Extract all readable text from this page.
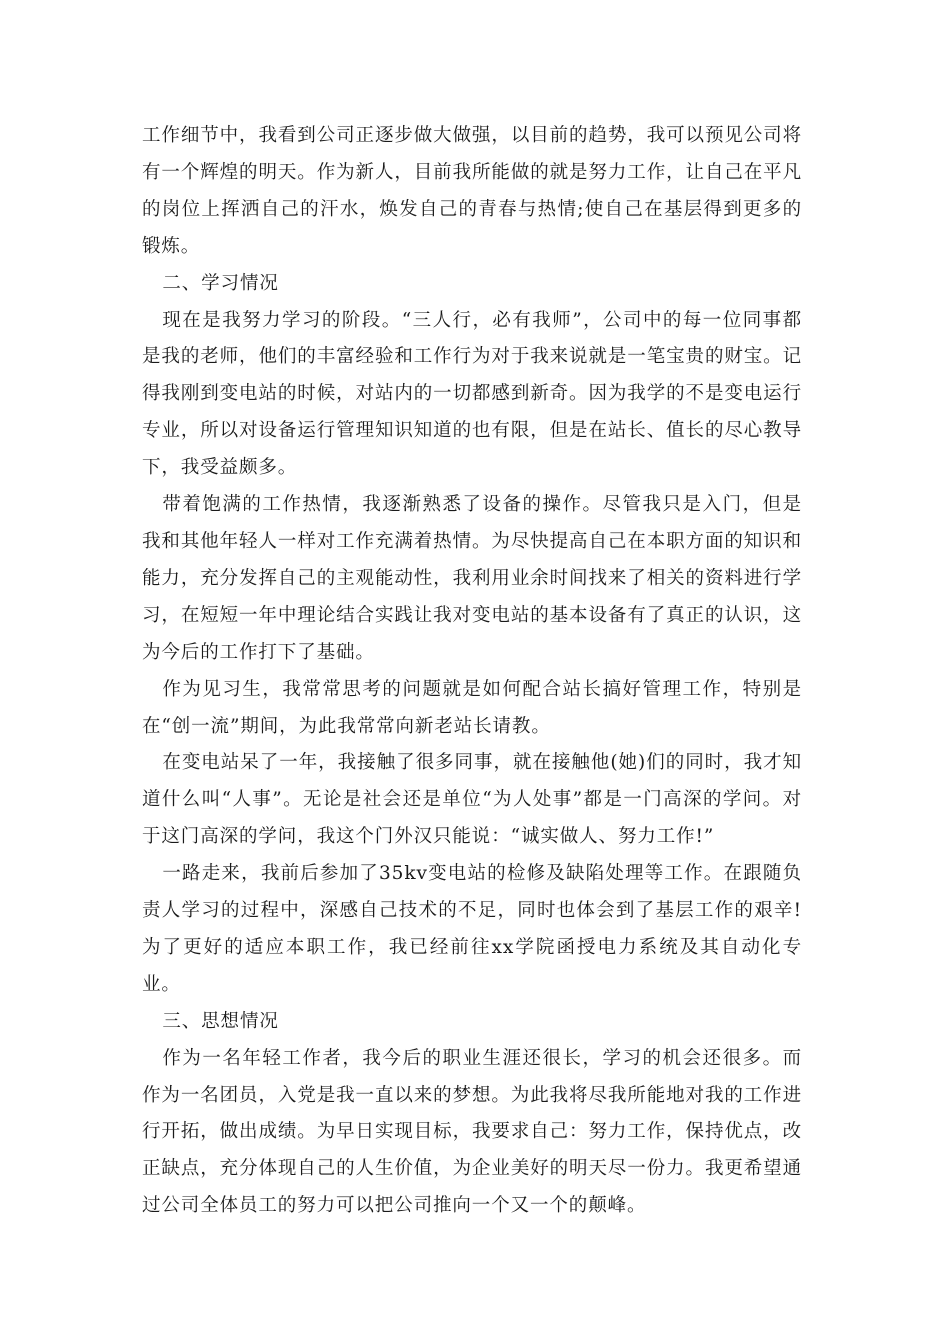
工作细节中，我看到公司正逐步做大做强，以目前的趋势，我可以预见公司将有一个辉煌的明天。作为新人，目前我所能做的就是努力工作，让自己在平凡的岗位上挥洒自己的汗水，焕发自己的青春与热情;使自己在基层得到更多的锻炼。

二、学习情况

现在是我努力学习的阶段。“三人行，必有我师”，公司中的每一位同事都是我的老师，他们的丰富经验和工作行为对于我来说就是一笔宝贵的财宝。记得我刚到变电站的时候，对站内的一切都感到新奇。因为我学的不是变电运行专业，所以对设备运行管理知识知道的也有限，但是在站长、值长的尽心教导下，我受益颇多。

带着饱满的工作热情，我逐渐熟悉了设备的操作。尽管我只是入门，但是我和其他年轻人一样对工作充满着热情。为尽快提高自己在本职方面的知识和能力，充分发挥自己的主观能动性，我利用业余时间找来了相关的资料进行学习，在短短一年中理论结合实践让我对变电站的基本设备有了真正的认识，这为今后的工作打下了基础。

作为见习生，我常常思考的问题就是如何配合站长搞好管理工作，特别是在“创一流”期间，为此我常常向新老站长请教。

在变电站呆了一年，我接触了很多同事，就在接触他(她)们的同时，我才知道什么叫“人事”。无论是社会还是单位“为人处事”都是一门高深的学问。对于这门高深的学问，我这个门外汉只能说：“诚实做人、努力工作!”

一路走来，我前后参加了35kv变电站的检修及缺陷处理等工作。在跟随负责人学习的过程中，深感自己技术的不足，同时也体会到了基层工作的艰辛!为了更好的适应本职工作，我已经前往xx学院函授电力系统及其自动化专业。

三、思想情况

作为一名年轻工作者，我今后的职业生涯还很长，学习的机会还很多。而作为一名团员，入党是我一直以来的梦想。为此我将尽我所能地对我的工作进行开拓，做出成绩。为早日实现目标，我要求自己：努力工作，保持优点，改正缺点，充分体现自己的人生价值，为企业美好的明天尽一份力。我更希望通过公司全体员工的努力可以把公司推向一个又一个的颠峰。
